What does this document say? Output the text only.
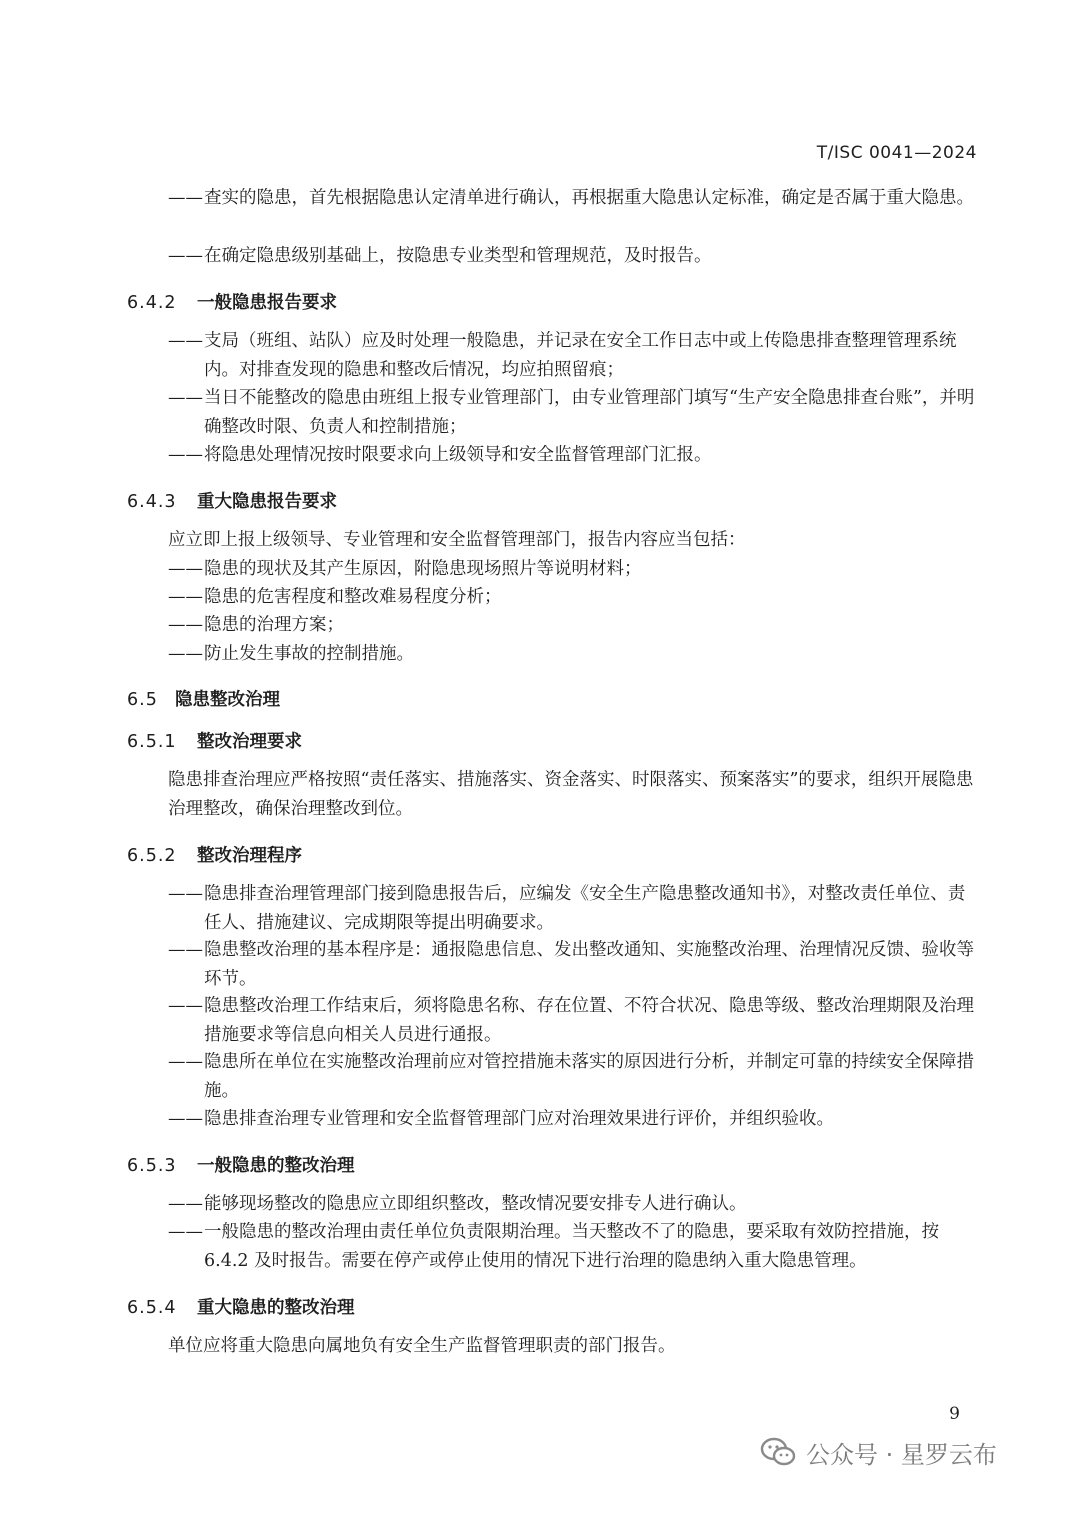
T/ISC 0041—2024
—— 查实的隐患，首先根据隐患认定清单进行确认，再根据重大隐患认定标准，确定是否属于重大隐患。
—— 在确定隐患级别基础上，按隐患专业类型和管理规范，及时报告。
6.4.2 一般隐患报告要求
—— 支局（班组、站队）应及时处理一般隐患，并记录在安全工作日志中或上传隐患排查整理管理系统内。对排查发现的隐患和整改后情况，均应拍照留痕；
—— 当日不能整改的隐患由班组上报专业管理部门，由专业管理部门填写“生产安全隐患排查台账”，并明确整改时限、负责人和控制措施；
—— 将隐患处理情况按时限要求向上级领导和安全监督管理部门汇报。
6.4.3 重大隐患报告要求
应立即上报上级领导、专业管理和安全监督管理部门，报告内容应当包括：
—— 隐患的现状及其产生原因，附隐患现场照片等说明材料；
—— 隐患的危害程度和整改难易程度分析；
—— 隐患的治理方案；
—— 防止发生事故的控制措施。
6.5 隐患整改治理
6.5.1 整改治理要求
隐患排查治理应严格按照“责任落实、措施落实、资金落实、时限落实、预案落实”的要求，组织开展隐患治理整改，确保治理整改到位。
6.5.2 整改治理程序
—— 隐患排查治理管理部门接到隐患报告后，应编发《安全生产隐患整改通知书》，对整改责任单位、责任人、措施建议、完成期限等提出明确要求。
—— 隐患整改治理的基本程序是：通报隐患信息、发出整改通知、实施整改治理、治理情况反馈、验收等环节。
—— 隐患整改治理工作结束后，须将隐患名称、存在位置、不符合状况、隐患等级、整改治理期限及治理措施要求等信息向相关人员进行通报。
—— 隐患所在单位在实施整改治理前应对管控措施未落实的原因进行分析，并制定可靠的持续安全保障措施。
—— 隐患排查治理专业管理和安全监督管理部门应对治理效果进行评价，并组织验收。
6.5.3 一般隐患的整改治理
—— 能够现场整改的隐患应立即组织整改，整改情况要安排专人进行确认。
—— 一般隐患的整改治理由责任单位负责限期治理。当天整改不了的隐患，要采取有效防控措施，按 6.4.2 及时报告。需要在停产或停止使用的情况下进行治理的隐患纳入重大隐患管理。
6.5.4 重大隐患的整改治理
单位应将重大隐患向属地负有安全生产监督管理职责的部门报告。
9
公众号 · 星罗云布
